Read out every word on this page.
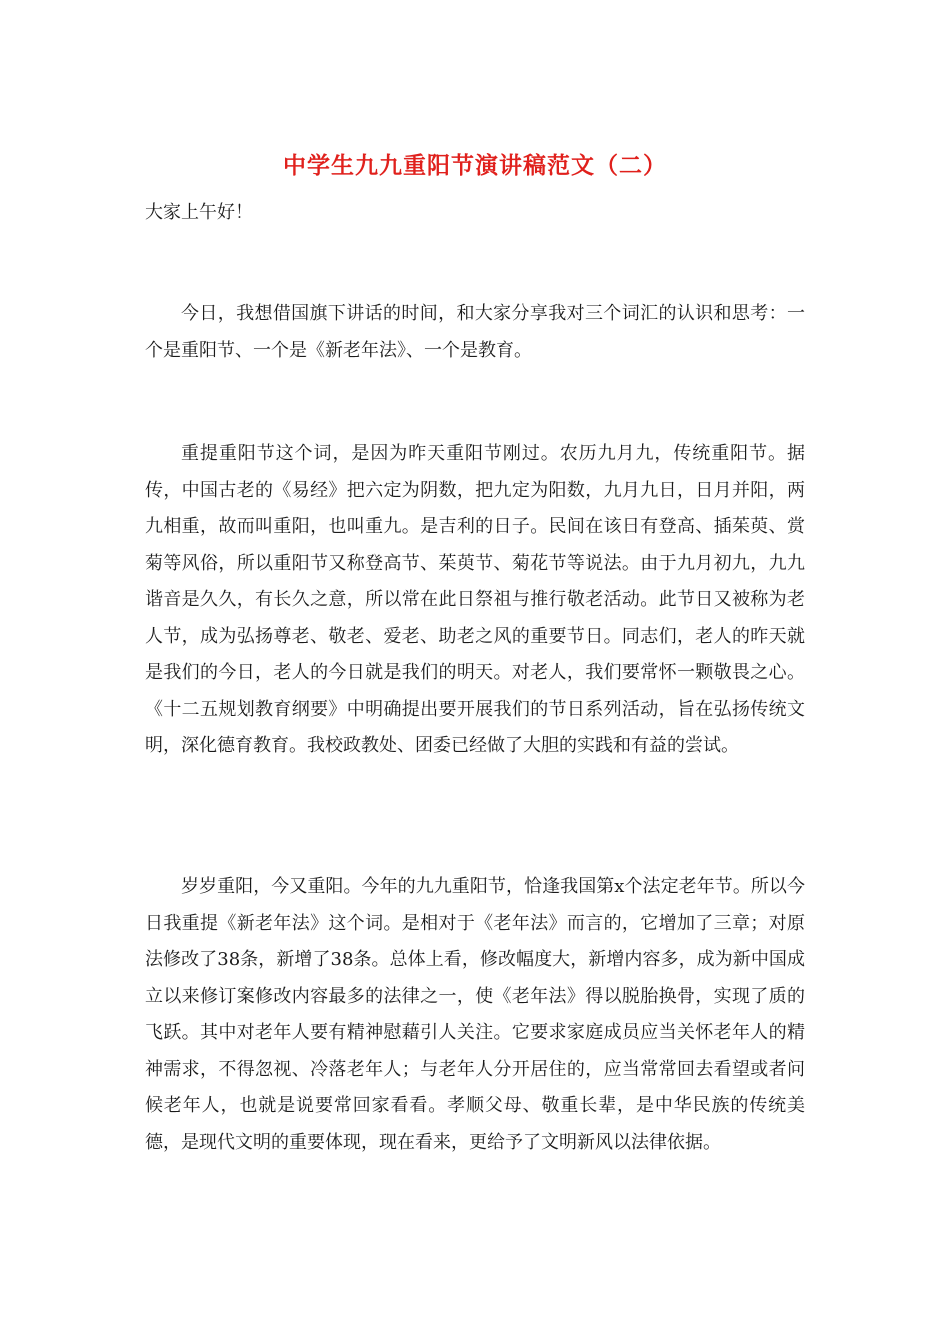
中学生九九重阳节演讲稿范文（二）

大家上午好！

今日，我想借国旗下讲话的时间，和大家分享我对三个词汇的认识和思考：一个是重阳节、一个是《新老年法》、一个是教育。

重提重阳节这个词，是因为昨天重阳节刚过。农历九月九，传统重阳节。据传，中国古老的《易经》把六定为阴数，把九定为阳数，九月九日，日月并阳，两九相重，故而叫重阳，也叫重九。是吉利的日子。民间在该日有登高、插茱萸、赏菊等风俗，所以重阳节又称登高节、茱萸节、菊花节等说法。由于九月初九，九九谐音是久久，有长久之意，所以常在此日祭祖与推行敬老活动。此节日又被称为老人节，成为弘扬尊老、敬老、爱老、助老之风的重要节日。同志们，老人的昨天就是我们的今日，老人的今日就是我们的明天。对老人，我们要常怀一颗敬畏之心。《十二五规划教育纲要》中明确提出要开展我们的节日系列活动，旨在弘扬传统文明，深化德育教育。我校政教处、团委已经做了大胆的实践和有益的尝试。

岁岁重阳，今又重阳。今年的九九重阳节，恰逢我国第x个法定老年节。所以今日我重提《新老年法》这个词。是相对于《老年法》而言的，它增加了三章；对原法修改了38条，新增了38条。总体上看，修改幅度大，新增内容多，成为新中国成立以来修订案修改内容最多的法律之一，使《老年法》得以脱胎换骨，实现了质的飞跃。其中对老年人要有精神慰藉引人关注。它要求家庭成员应当关怀老年人的精神需求，不得忽视、冷落老年人；与老年人分开居住的，应当常常回去看望或者问候老年人，也就是说要常回家看看。孝顺父母、敬重长辈，是中华民族的传统美德，是现代文明的重要体现，现在看来，更给予了文明新风以法律依据。
